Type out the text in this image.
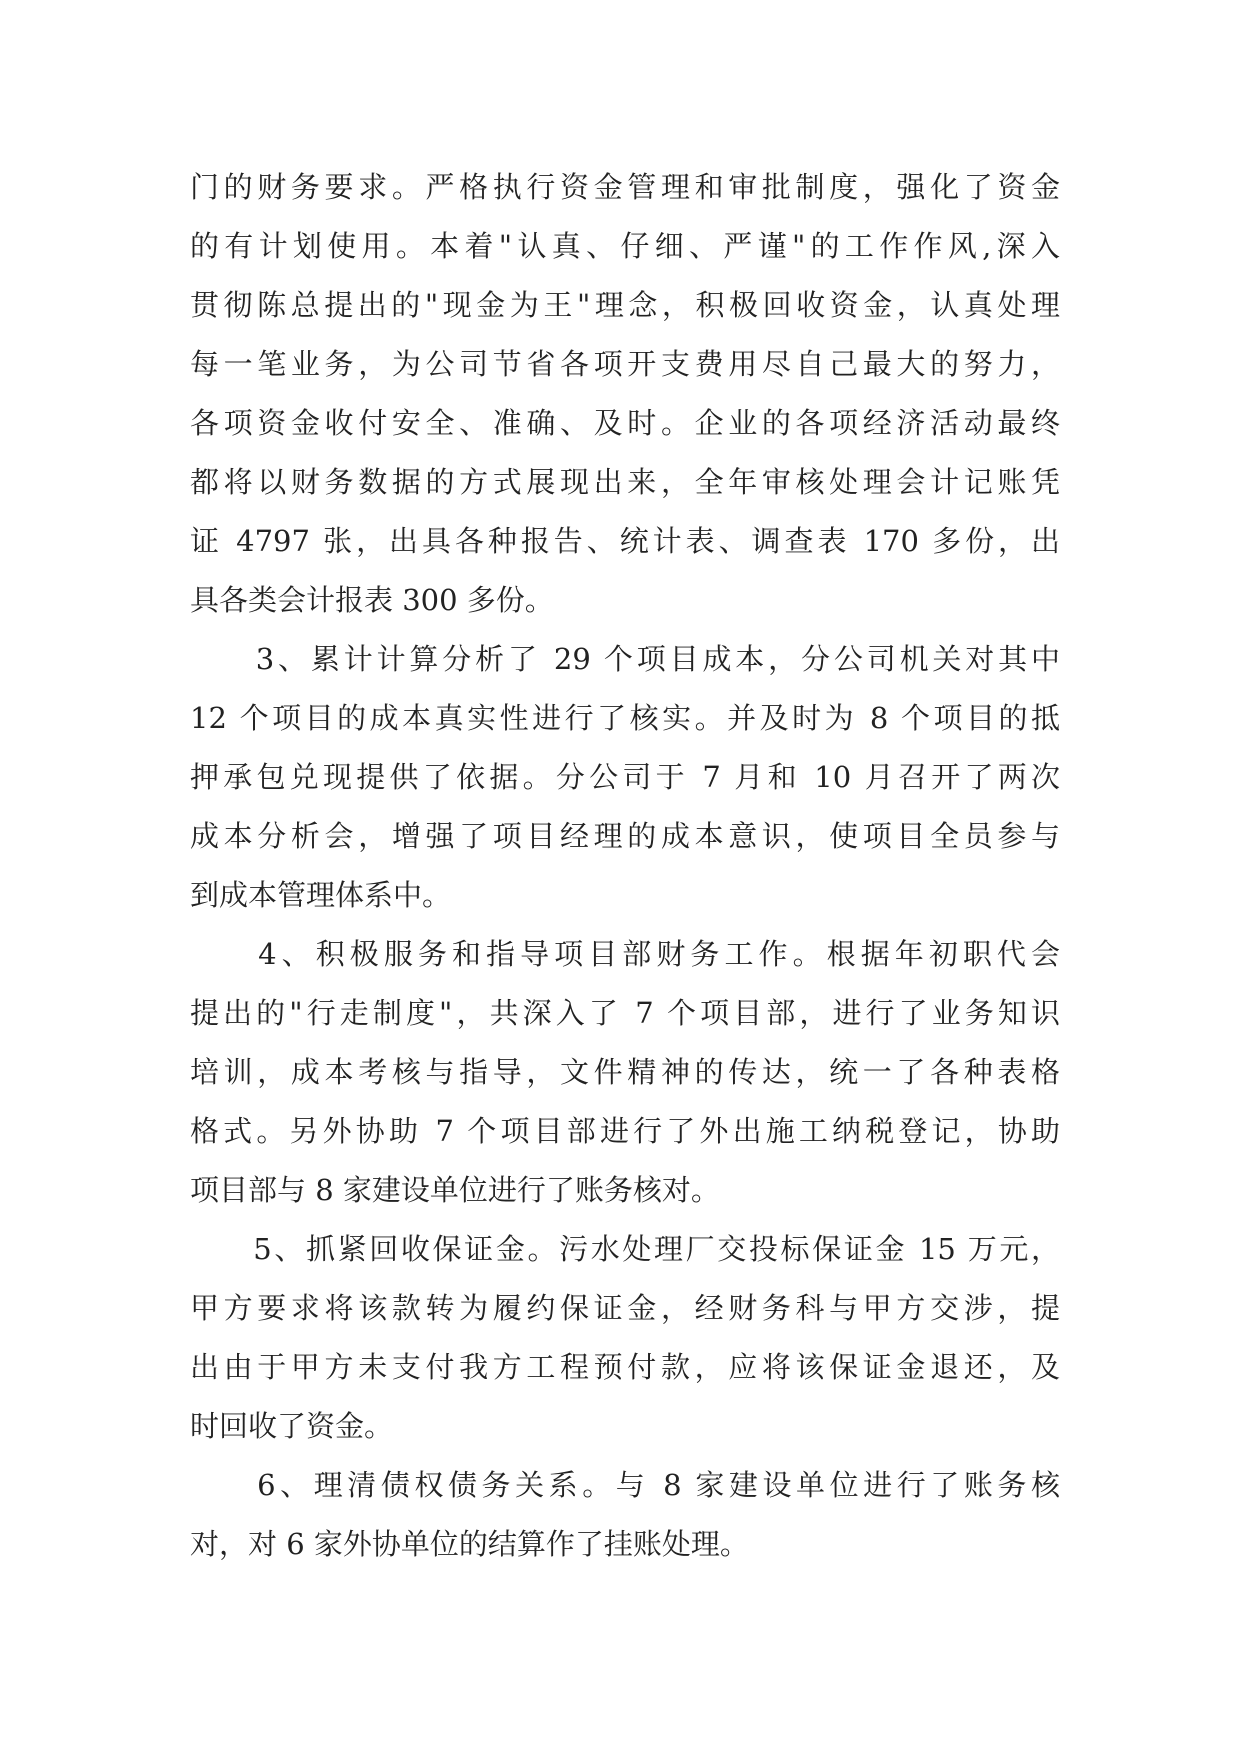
门的财务要求。严格执行资金管理和审批制度，强化了资金
的有计划使用。本着"认真、仔细、严谨"的工作作风,深入
贯彻陈总提出的"现金为王"理念，积极回收资金，认真处理
每一笔业务，为公司节省各项开支费用尽自己最大的努力，
各项资金收付安全、准确、及时。企业的各项经济活动最终
都将以财务数据的方式展现出来，全年审核处理会计记账凭
证 4797 张，出具各种报告、统计表、调查表 170 多份，出
具各类会计报表 300 多份。
　　3、累计计算分析了 29 个项目成本，分公司机关对其中
12 个项目的成本真实性进行了核实。并及时为 8 个项目的抵
押承包兑现提供了依据。分公司于 7 月和 10 月召开了两次
成本分析会，增强了项目经理的成本意识，使项目全员参与
到成本管理体系中。
　　4、积极服务和指导项目部财务工作。根据年初职代会
提出的"行走制度"，共深入了 7 个项目部，进行了业务知识
培训，成本考核与指导，文件精神的传达，统一了各种表格
格式。另外协助 7 个项目部进行了外出施工纳税登记，协助
项目部与 8 家建设单位进行了账务核对。
　　5、抓紧回收保证金。污水处理厂交投标保证金 15 万元，
甲方要求将该款转为履约保证金，经财务科与甲方交涉，提
出由于甲方未支付我方工程预付款，应将该保证金退还，及
时回收了资金。
　　6、理清债权债务关系。与 8 家建设单位进行了账务核
对，对 6 家外协单位的结算作了挂账处理。
